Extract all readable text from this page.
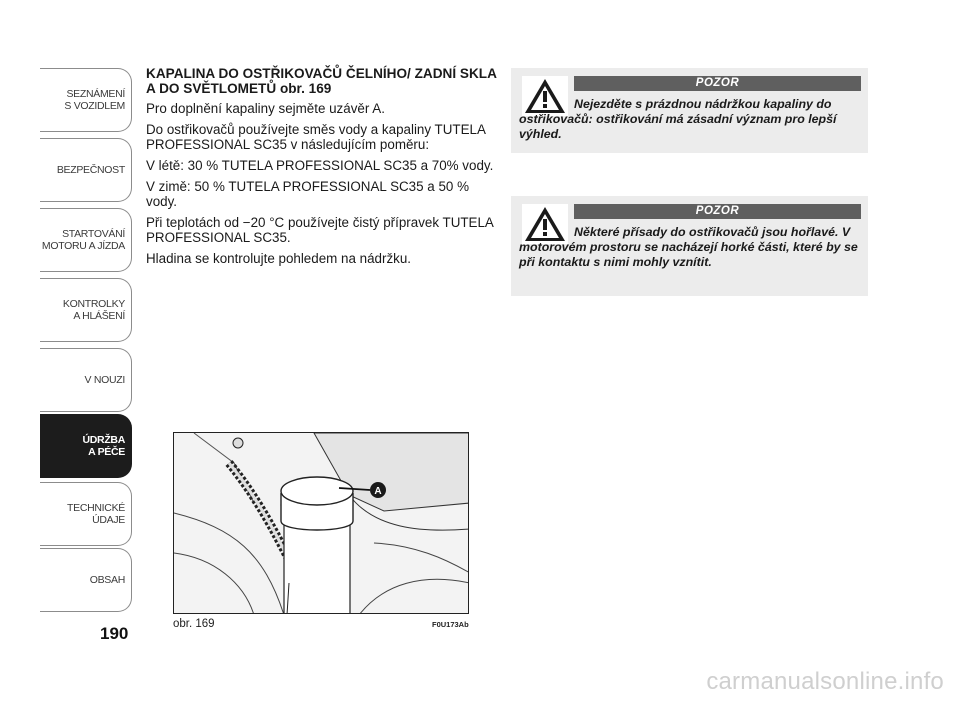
SEZNÁMENÍ
S VOZIDLEM
BEZPEČNOST
STARTOVÁNÍ
MOTORU A JÍZDA
KONTROLKY
A HLÁŠENÍ
V NOUZI
ÚDRŽBA
A PÉČE
TECHNICKÉ
ÚDAJE
OBSAH
190
KAPALINA DO OSTŘIKOVAČŮ ČELNÍHO/ ZADNÍ SKLA A DO SVĚTLOMETŮ obr. 169

Pro doplnění kapaliny sejměte uzávěr A.

Do ostřikovačů používejte směs vody a kapaliny TUTELA PROFESSIONAL SC35 v následujícím poměru:

V létě: 30 % TUTELA PROFESSIONAL SC35 a 70% vody.

V zimě: 50 % TUTELA PROFESSIONAL SC35 a 50 % vody.

Při teplotách od −20 °C používejte čistý přípravek TUTELA PROFESSIONAL SC35.

Hladina se kontrolujte pohledem na nádržku.

A
obr. 169	F0U173Ab
POZOR
Nejezděte s prázdnou nádržkou kapaliny do ostřikovačů: ostřikování má zásadní význam pro lepší výhled.
POZOR
Některé přísady do ostřikovačů jsou hořlavé. V motorovém prostoru se nacházejí horké části, které by se při kontaktu s nimi mohly vznítit.
carmanualsonline.info
